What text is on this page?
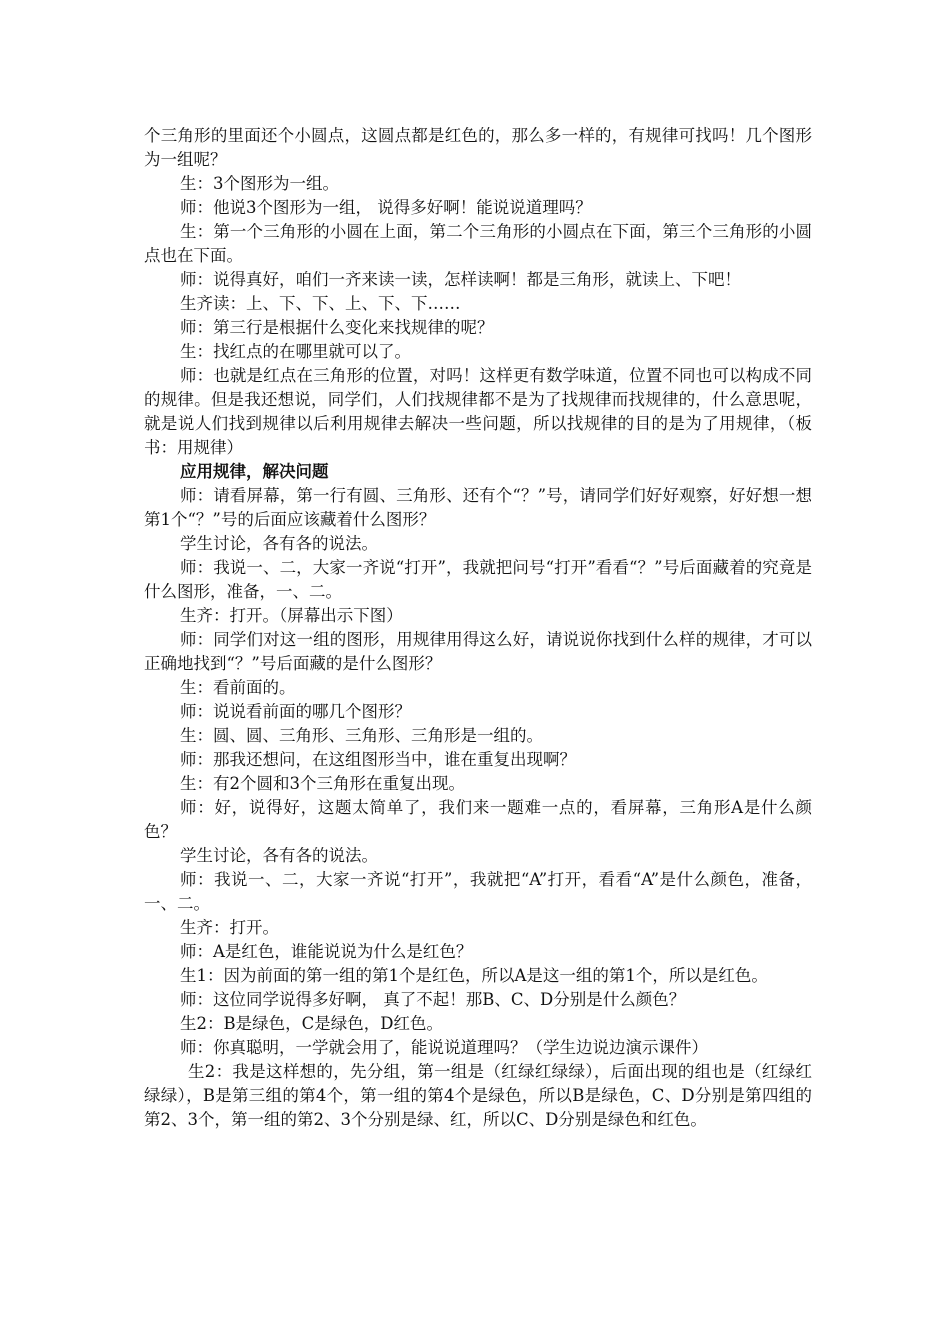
个三角形的里面还个小圆点，这圆点都是红色的，那么多一样的，有规律可找吗！几个图形为一组呢？

生：3个图形为一组。

师：他说3个图形为一组， 说得多好啊！能说说道理吗？

生：第一个三角形的小圆在上面，第二个三角形的小圆点在下面，第三个三角形的小圆点也在下面。

师：说得真好，咱们一齐来读一读，怎样读啊！都是三角形，就读上、下吧！

生齐读：上、下、下、上、下、下……

师：第三行是根据什么变化来找规律的呢？

生：找红点的在哪里就可以了。

师：也就是红点在三角形的位置，对吗！这样更有数学味道，位置不同也可以构成不同的规律。但是我还想说，同学们，人们找规律都不是为了找规律而找规律的，什么意思呢，就是说人们找到规律以后利用规律去解决一些问题，所以找规律的目的是为了用规律，（板书：用规律）

应用规律，解决问题

师：请看屏幕，第一行有圆、三角形、还有个“？”号，请同学们好好观察，好好想一想第1个“？”号的后面应该藏着什么图形？

学生讨论，各有各的说法。

师：我说一、二，大家一齐说“打开”，我就把问号“打开”看看“？”号后面藏着的究竟是什么图形，准备，一、二。

生齐：打开。（屏幕出示下图）

师：同学们对这一组的图形，用规律用得这么好，请说说你找到什么样的规律，才可以正确地找到“？”号后面藏的是什么图形？

生：看前面的。

师：说说看前面的哪几个图形？

生：圆、圆、三角形、三角形、三角形是一组的。

师：那我还想问，在这组图形当中，谁在重复出现啊？

生：有2个圆和3个三角形在重复出现。

师：好，说得好，这题太简单了，我们来一题难一点的，看屏幕，三角形A是什么颜色？

学生讨论，各有各的说法。

师：我说一、二，大家一齐说“打开”，我就把“A”打开，看看“A”是什么颜色，准备，一、二。

生齐：打开。

师：A是红色，谁能说说为什么是红色？

生1：因为前面的第一组的第1个是红色，所以A是这一组的第1个，所以是红色。

师：这位同学说得多好啊， 真了不起！那B、C、D分别是什么颜色？

生2：B是绿色，C是绿色，D红色。

师：你真聪明，一学就会用了，能说说道理吗？（学生边说边演示课件）

生2：我是这样想的，先分组，第一组是（红绿红绿绿），后面出现的组也是（红绿红绿绿），B是第三组的第4个，第一组的第4个是绿色，所以B是绿色，C、D分别是第四组的第2、3个，第一组的第2、3个分别是绿、红，所以C、D分别是绿色和红色。
